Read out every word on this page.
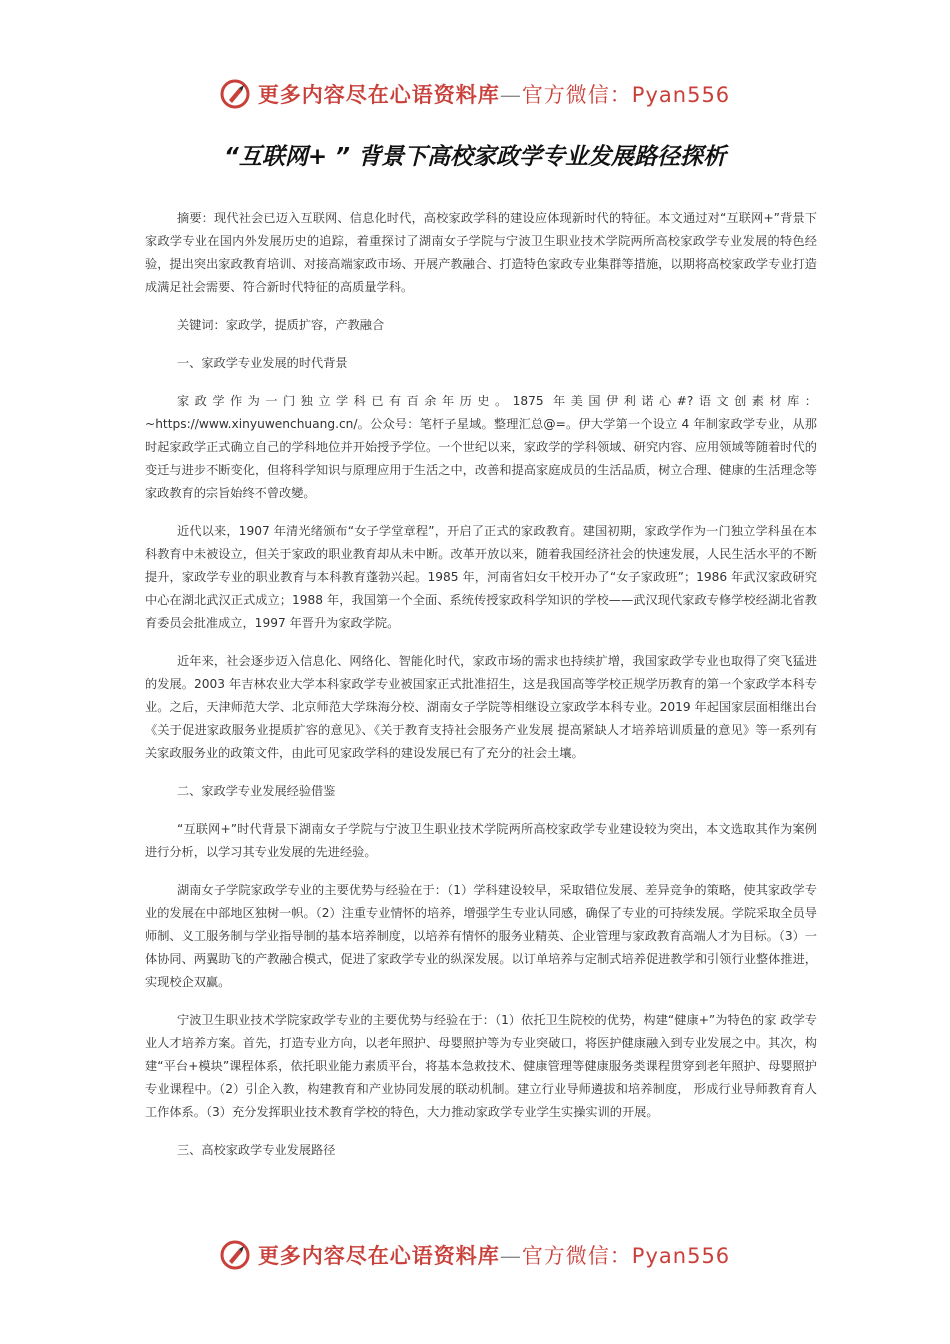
更多内容尽在心语资料库—官方微信：Pyan556
“互联网+ ” 背景下高校家政学专业发展路径探析

摘要：现代社会已迈入互联网、信息化时代，高校家政学科的建设应体现新时代的特征。本文通过对“互联网+”背景下家政学专业在国内外发展历史的追踪，着重探讨了湖南女子学院与宁波卫生职业技术学院两所高校家政学专业发展的特色经验，提出突出家政教育培训、对接高端家政市场、开展产教融合、打造特色家政专业集群等措施，以期将高校家政学专业打造成满足社会需要、符合新时代特征的高质量学科。

关键词：家政学，提质扩容，产教融合

一、家政学专业发展的时代背景

家政学作为一门独立学科已有百余年历史。1875 年美国伊利诺心#?语文创素材库：~https://www.xinyuwenchuang.cn/。公众号：笔杆子星域。整理汇总@=。伊大学第一个设立 4 年制家政学专业，从那时起家政学正式确立自己的学科地位并开始授予学位。一个世纪以来，家政学的学科领域、研究内容、应用领域等随着时代的变迁与进步不断变化，但将科学知识与原理应用于生活之中，改善和提高家庭成员的生活品质，树立合理、健康的生活理念等家政教育的宗旨始终不曾改變。

近代以来，1907 年清光绪颁布“女子学堂章程”，开启了正式的家政教育。建国初期，家政学作为一门独立学科虽在本科教育中未被设立，但关于家政的职业教育却从未中断。改革开放以来，随着我国经济社会的快速发展，人民生活水平的不断提升，家政学专业的职业教育与本科教育蓬勃兴起。1985 年，河南省妇女干校开办了“女子家政班”；1986 年武汉家政研究中心在湖北武汉正式成立；1988 年，我国第一个全面、系统传授家政科学知识的学校——武汉现代家政专修学校经湖北省教育委员会批准成立，1997 年晋升为家政学院。

近年来，社会逐步迈入信息化、网络化、智能化时代，家政市场的需求也持续扩增，我国家政学专业也取得了突飞猛进的发展。2003 年吉林农业大学本科家政学专业被国家正式批准招生，这是我国高等学校正规学历教育的第一个家政学本科专业。之后，天津师范大学、北京师范大学珠海分校、湖南女子学院等相继设立家政学本科专业。2019 年起国家层面相继出台《关于促进家政服务业提质扩容的意见》、《关于教育支持社会服务产业发展 提高紧缺人才培养培训质量的意见》等一系列有关家政服务业的政策文件，由此可见家政学科的建设发展已有了充分的社会土壤。

二、家政学专业发展经验借鉴

“互联网+”时代背景下湖南女子学院与宁波卫生职业技术学院两所高校家政学专业建设较为突出，本文选取其作为案例进行分析，以学习其专业发展的先进经验。

湖南女子学院家政学专业的主要优势与经验在于：（1）学科建设较早，采取错位发展、差异竞争的策略，使其家政学专业的发展在中部地区独树一帜。（2）注重专业情怀的培养，增强学生专业认同感，确保了专业的可持续发展。学院采取全员导师制、义工服务制与学业指导制的基本培养制度，以培养有情怀的服务业精英、企业管理与家政教育高端人才为目标。（3）一体协同、两翼助飞的产教融合模式，促进了家政学专业的纵深发展。以订单培养与定制式培养促进教学和引领行业整体推进，实现校企双赢。

宁波卫生职业技术学院家政学专业的主要优势与经验在于：（1）依托卫生院校的优势，构建“健康+”为特色的家 政学专业人才培养方案。首先，打造专业方向，以老年照护、母婴照护等为专业突破口，将医护健康融入到专业发展之中。其次，构建“平台+模块”课程体系，依托职业能力素质平台，将基本急救技术、健康管理等健康服务类课程贯穿到老年照护、母婴照护专业课程中。（2）引企入教，构建教育和产业协同发展的联动机制。建立行业导师遴拔和培养制度， 形成行业导师教育育人工作体系。（3）充分发挥职业技术教育学校的特色，大力推动家政学专业学生实操实训的开展。

三、高校家政学专业发展路径

更多内容尽在心语资料库—官方微信：Pyan556
